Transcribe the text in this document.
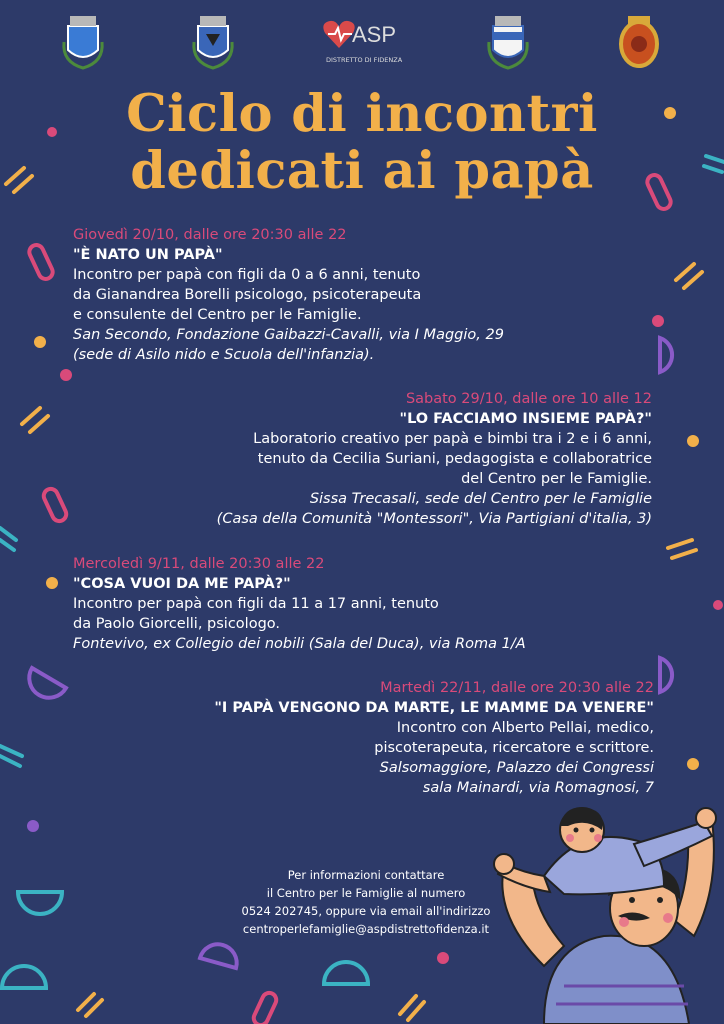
ASP
DISTRETTO DI FIDENZA
Ciclo di incontri
dedicati ai papà
Giovedì 20/10, dalle ore 20:30 alle 22
"È NATO UN PAPÀ"
Incontro per papà con figli da 0 a 6 anni, tenuto
da Gianandrea Borelli psicologo, psicoterapeuta
e consulente del Centro per le Famiglie.
San Secondo, Fondazione Gaibazzi-Cavalli, via I Maggio, 29
(sede di Asilo nido e Scuola dell'infanzia).
Sabato 29/10, dalle ore 10 alle 12
"LO FACCIAMO INSIEME PAPÀ?"
Laboratorio creativo per papà e bimbi tra i 2 e i 6 anni,
tenuto da Cecilia Suriani, pedagogista e collaboratrice
del Centro per le Famiglie.
Sissa Trecasali, sede del Centro per le Famiglie
(Casa della Comunità "Montessori", Via Partigiani d'italia, 3)
Mercoledì 9/11, dalle 20:30 alle 22
"COSA VUOI DA ME PAPÀ?"
Incontro per papà con figli da 11 a 17 anni, tenuto
da Paolo Giorcelli, psicologo.
Fontevivo, ex Collegio dei nobili (Sala del Duca), via Roma 1/A
Martedì 22/11, dalle ore 20:30 alle 22
"I PAPÀ VENGONO DA MARTE, LE MAMME DA VENERE"
Incontro con Alberto Pellai, medico,
piscoterapeuta, ricercatore e scrittore.
Salsomaggiore, Palazzo dei Congressi
sala Mainardi, via Romagnosi, 7
Per informazioni contattare
il Centro per le Famiglie al numero
0524 202745, oppure via email all'indirizzo
centroperlefamiglie@aspdistrettofidenza.it
